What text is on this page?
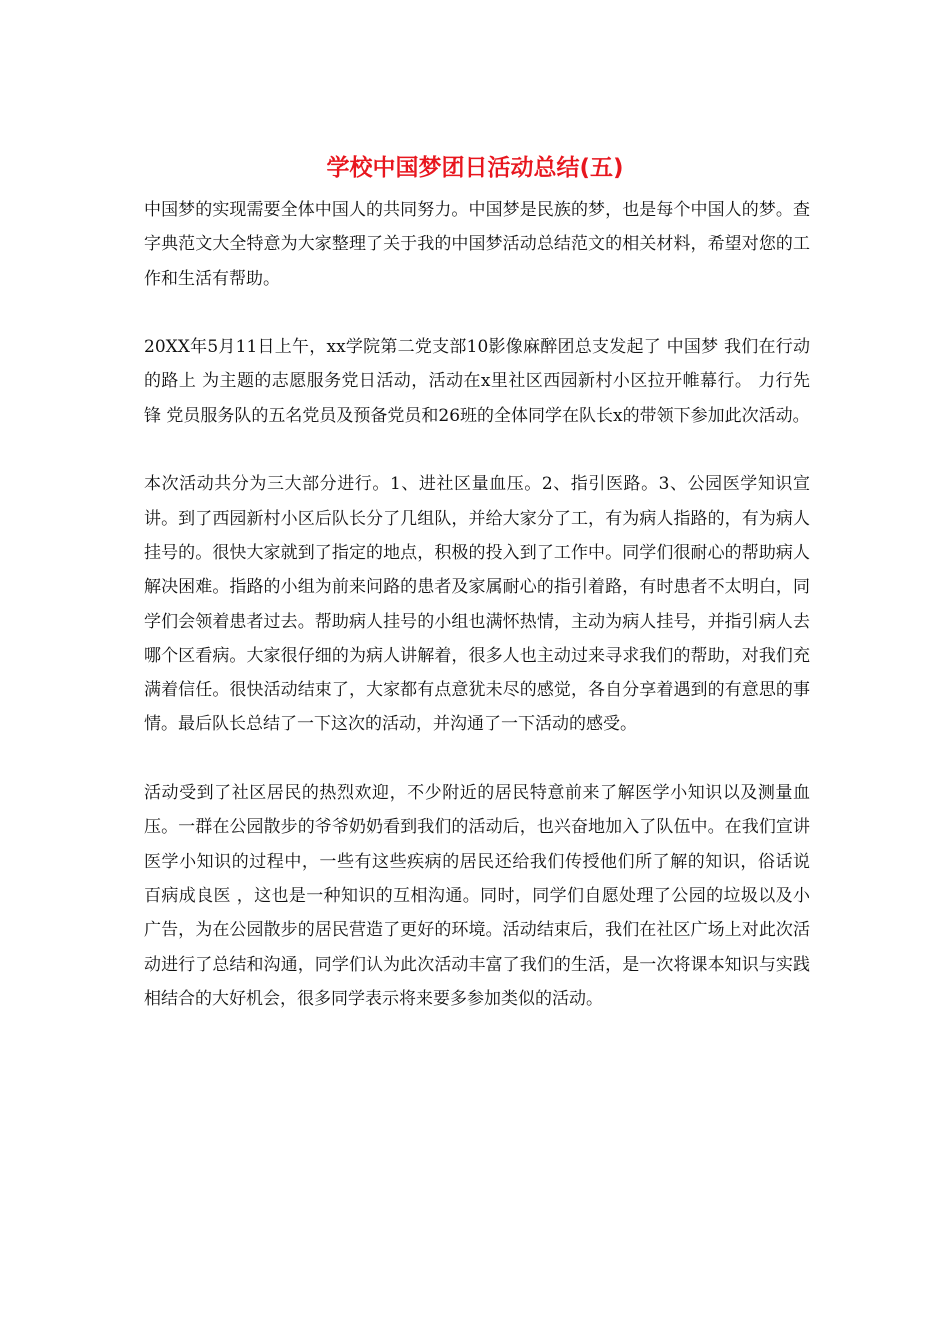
学校中国梦团日活动总结(五)

中国梦的实现需要全体中国人的共同努力。中国梦是民族的梦，也是每个中国人的梦。查字典范文大全特意为大家整理了关于我的中国梦活动总结范文的相关材料，希望对您的工作和生活有帮助。

20XX年5月11日上午，xx学院第二党支部10影像麻醉团总支发起了 中国梦 我们在行动的路上 为主题的志愿服务党日活动，活动在x里社区西园新村小区拉开帷幕行。 力行先锋 党员服务队的五名党员及预备党员和26班的全体同学在队长x的带领下参加此次活动。

本次活动共分为三大部分进行。1、进社区量血压。2、指引医路。3、公园医学知识宣讲。到了西园新村小区后队长分了几组队，并给大家分了工，有为病人指路的，有为病人挂号的。很快大家就到了指定的地点，积极的投入到了工作中。同学们很耐心的帮助病人解决困难。指路的小组为前来问路的患者及家属耐心的指引着路，有时患者不太明白，同学们会领着患者过去。帮助病人挂号的小组也满怀热情，主动为病人挂号，并指引病人去哪个区看病。大家很仔细的为病人讲解着，很多人也主动过来寻求我们的帮助，对我们充满着信任。很快活动结束了，大家都有点意犹未尽的感觉，各自分享着遇到的有意思的事情。最后队长总结了一下这次的活动，并沟通了一下活动的感受。

活动受到了社区居民的热烈欢迎，不少附近的居民特意前来了解医学小知识以及测量血压。一群在公园散步的爷爷奶奶看到我们的活动后，也兴奋地加入了队伍中。在我们宣讲医学小知识的过程中，一些有这些疾病的居民还给我们传授他们所了解的知识，俗话说 百病成良医 ，这也是一种知识的互相沟通。同时，同学们自愿处理了公园的垃圾以及小广告，为在公园散步的居民营造了更好的环境。活动结束后，我们在社区广场上对此次活动进行了总结和沟通，同学们认为此次活动丰富了我们的生活，是一次将课本知识与实践相结合的大好机会，很多同学表示将来要多参加类似的活动。
